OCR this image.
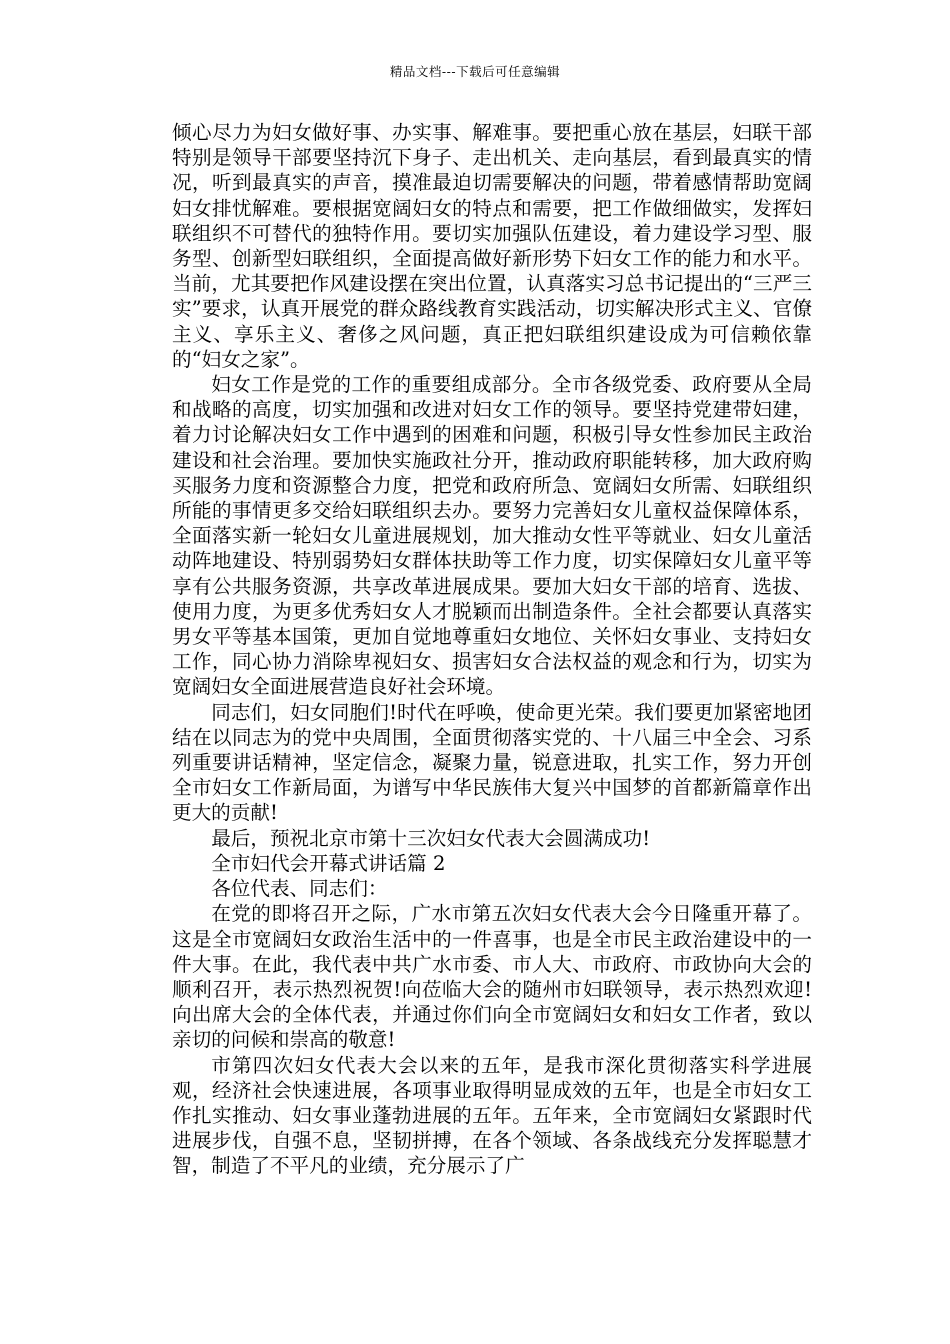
精品文档---下载后可任意编辑

倾心尽力为妇女做好事、办实事、解难事。要把重心放在基层，妇联干部特别是领导干部要坚持沉下身子、走出机关、走向基层，看到最真实的情况，听到最真实的声音，摸准最迫切需要解决的问题，带着感情帮助宽阔妇女排忧解难。要根据宽阔妇女的特点和需要，把工作做细做实，发挥妇联组织不可替代的独特作用。要切实加强队伍建设，着力建设学习型、服务型、创新型妇联组织，全面提高做好新形势下妇女工作的能力和水平。当前，尤其要把作风建设摆在突出位置，认真落实习总书记提出的“三严三实”要求，认真开展党的群众路线教育实践活动，切实解决形式主义、官僚主义、享乐主义、奢侈之风问题，真正把妇联组织建设成为可信赖依靠的“妇女之家”。

妇女工作是党的工作的重要组成部分。全市各级党委、政府要从全局和战略的高度，切实加强和改进对妇女工作的领导。要坚持党建带妇建，着力讨论解决妇女工作中遇到的困难和问题，积极引导女性参加民主政治建设和社会治理。要加快实施政社分开，推动政府职能转移，加大政府购买服务力度和资源整合力度，把党和政府所急、宽阔妇女所需、妇联组织所能的事情更多交给妇联组织去办。要努力完善妇女儿童权益保障体系，全面落实新一轮妇女儿童进展规划，加大推动女性平等就业、妇女儿童活动阵地建设、特别弱势妇女群体扶助等工作力度，切实保障妇女儿童平等享有公共服务资源，共享改革进展成果。要加大妇女干部的培育、选拔、使用力度，为更多优秀妇女人才脱颖而出制造条件。全社会都要认真落实男女平等基本国策，更加自觉地尊重妇女地位、关怀妇女事业、支持妇女工作，同心协力消除卑视妇女、损害妇女合法权益的观念和行为，切实为宽阔妇女全面进展营造良好社会环境。

同志们，妇女同胞们!时代在呼唤，使命更光荣。我们要更加紧密地团结在以同志为的党中央周围，全面贯彻落实党的、十八届三中全会、习系列重要讲话精神，坚定信念，凝聚力量，锐意进取，扎实工作，努力开创全市妇女工作新局面，为谱写中华民族伟大复兴中国梦的首都新篇章作出更大的贡献!

最后，预祝北京市第十三次妇女代表大会圆满成功!

全市妇代会开幕式讲话篇 2

各位代表、同志们：

在党的即将召开之际，广水市第五次妇女代表大会今日隆重开幕了。这是全市宽阔妇女政治生活中的一件喜事，也是全市民主政治建设中的一件大事。在此，我代表中共广水市委、市人大、市政府、市政协向大会的顺利召开，表示热烈祝贺!向莅临大会的随州市妇联领导，表示热烈欢迎!向出席大会的全体代表，并通过你们向全市宽阔妇女和妇女工作者，致以亲切的问候和崇高的敬意!

市第四次妇女代表大会以来的五年，是我市深化贯彻落实科学进展观，经济社会快速进展，各项事业取得明显成效的五年，也是全市妇女工作扎实推动、妇女事业蓬勃进展的五年。五年来，全市宽阔妇女紧跟时代进展步伐，自强不息，坚韧拼搏，在各个领域、各条战线充分发挥聪慧才智，制造了不平凡的业绩，充分展示了广
